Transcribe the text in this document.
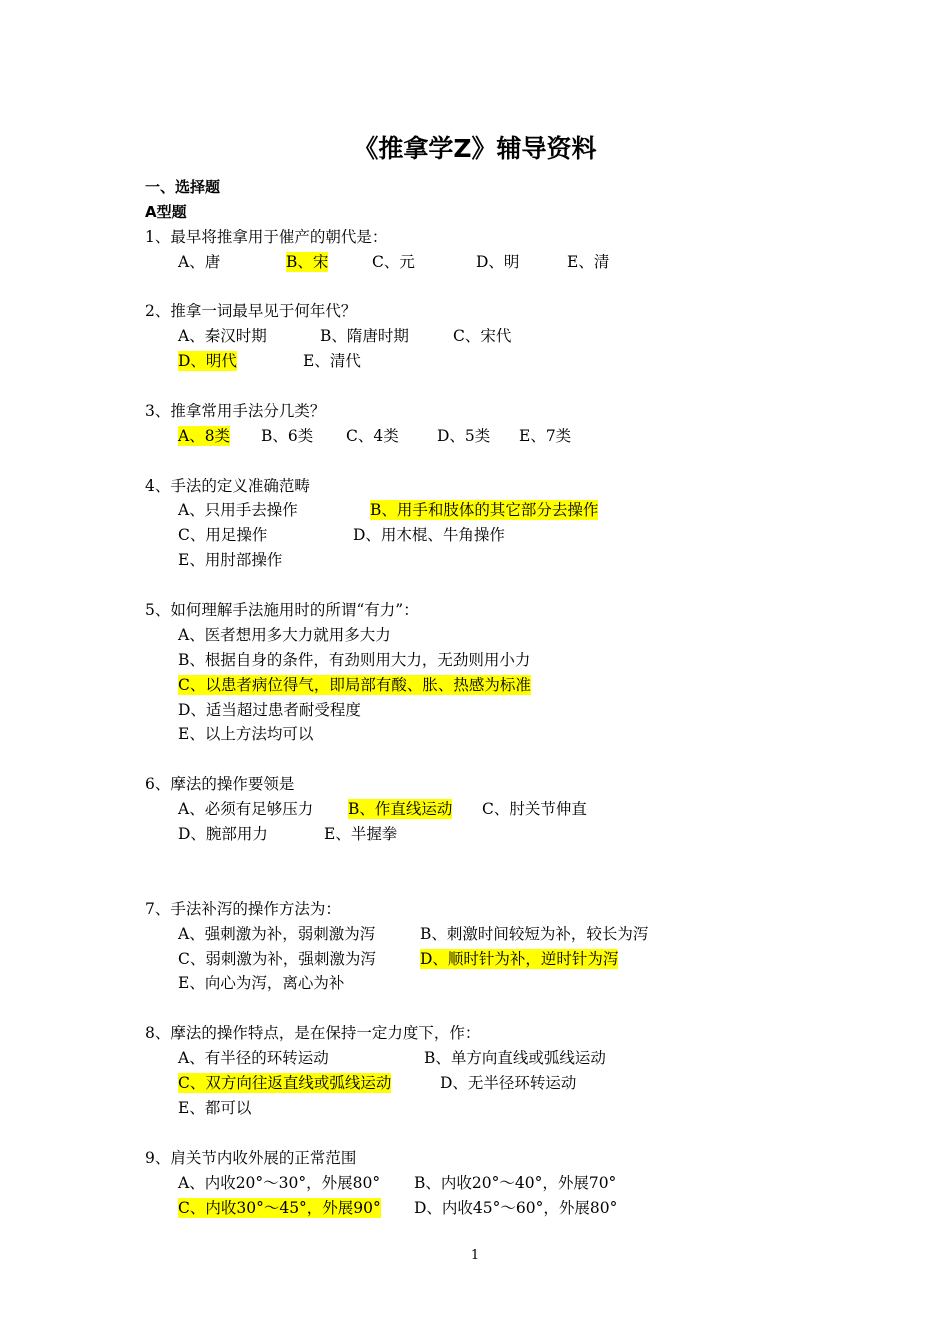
《推拿学Z》辅导资料
一、选择题
A型题
1、最早将推拿用于催产的朝代是：
A、唐	B、宋	C、元	D、明	E、清
2、推拿一词最早见于何年代？
A、秦汉时期	B、隋唐时期	C、宋代
D、明代	E、清代
3、推拿常用手法分几类？
A、8类 B、6类 C、4类 D、5类 E、7类
4、手法的定义准确范畴
A、只用手去操作	B、用手和肢体的其它部分去操作
C、用足操作	D、用木棍、牛角操作
E、用肘部操作
5、如何理解手法施用时的所谓“有力”：
A、医者想用多大力就用多大力
B、根据自身的条件，有劲则用大力，无劲则用小力
C、以患者病位得气，即局部有酸、胀、热感为标准
D、适当超过患者耐受程度
E、以上方法均可以
6、摩法的操作要领是
A、必须有足够压力 B、作直线运动 C、肘关节伸直
D、腕部用力	E、半握拳
7、手法补泻的操作方法为：
A、强刺激为补，弱刺激为泻	B、刺激时间较短为补，较长为泻
C、弱刺激为补，强刺激为泻	D、顺时针为补，逆时针为泻
E、向心为泻，离心为补
8、摩法的操作特点，是在保持一定力度下，作：
A、有半径的环转运动	B、单方向直线或弧线运动
C、双方向往返直线或弧线运动	D、无半径环转运动
E、都可以
9、肩关节内收外展的正常范围
A、内收20°～30°，外展80° B、内收20°～40°，外展70°
C、内收30°～45°，外展90° D、内收45°～60°，外展80°
1
